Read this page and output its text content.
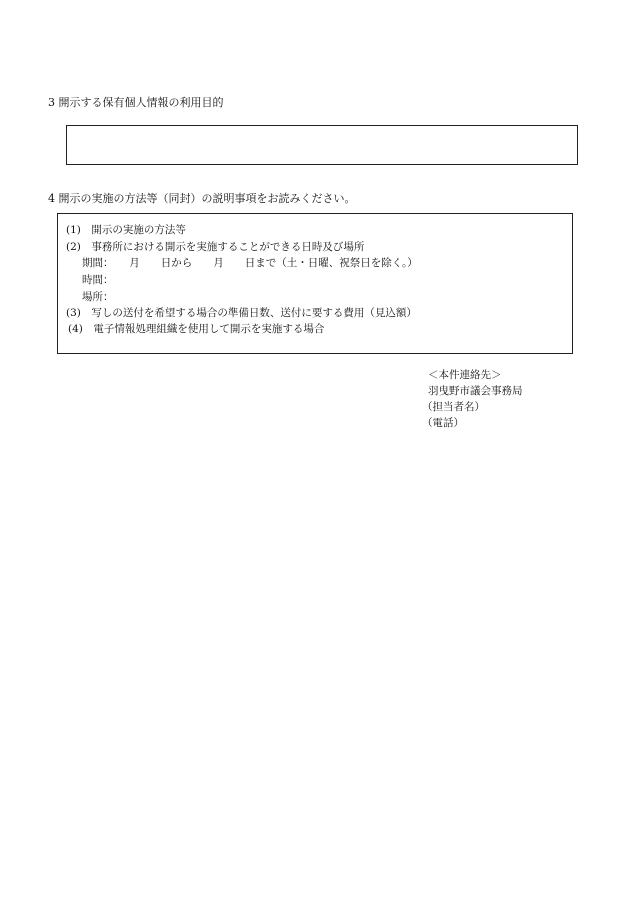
3 開示する保有個人情報の利用目的
4 開示の実施の方法等（同封）の説明事項をお読みください。
(1)　開示の実施の方法等
(2)　事務所における開示を実施することができる日時及び場所
期間：　　月　　日から　　月　　日まで（土・日曜、祝祭日を除く。）
時間：
場所：
(3)　写しの送付を希望する場合の準備日数、送付に要する費用（見込額）
(4)　電子情報処理組織を使用して開示を実施する場合
＜本件連絡先＞
羽曳野市議会事務局
（担当者名）
（電話）
